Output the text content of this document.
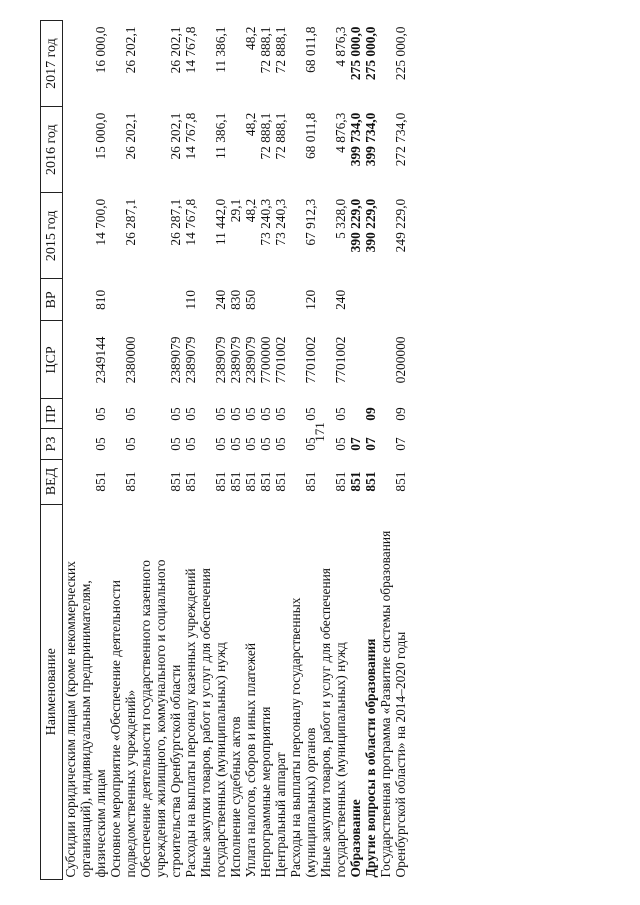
171
Наименование	ВЕД	РЗ	ПР	ЦСР	ВР	2015 год	2016 год	2017 год
Субсидии юридическим лицам (кроме некоммерческих организаций), индивидуальным предпринимателям, физическим лицам	851	05	05	2349144	810	14 700,0	15 000,0	16 000,0
Основное мероприятие «Обеспечение деятельности подведомственных учреждений»	851	05	05	2380000		26 287,1	26 202,1	26 202,1
Обеспечение деятельности государственного казенного учреждения жилищного, коммунального и социального строительства Оренбургской области	851	05	05	2389079		26 287,1	26 202,1	26 202,1
Расходы на выплаты персоналу казенных учреждений	851	05	05	2389079	110	14 767,8	14 767,8	14 767,8
Иные закупки товаров, работ и услуг для обеспечения государственных (муниципальных) нужд	851	05	05	2389079	240	11 442,0	11 386,1	11 386,1
Исполнение судебных актов	851	05	05	2389079	830	29,1		
Уплата налогов, сборов и иных платежей	851	05	05	2389079	850	48,2	48,2	48,2
Непрограммные мероприятия	851	05	05	7700000		73 240,3	72 888,1	72 888,1
Центральный аппарат	851	05	05	7701002		73 240,3	72 888,1	72 888,1
Расходы на выплаты персоналу государственных (муниципальных) органов	851	05	05	7701002	120	67 912,3	68 011,8	68 011,8
Иные закупки товаров, работ и услуг для обеспечения государственных (муниципальных) нужд	851	05	05	7701002	240	5 328,0	4 876,3	4 876,3
Образование	851	07				390 229,0	399 734,0	275 000,0
Другие вопросы в области образования	851	07	09			390 229,0	399 734,0	275 000,0
Государственная программа «Развитие системы образования Оренбургской области» на 2014–2020 годы	851	07	09	0200000		249 229,0	272 734,0	225 000,0
